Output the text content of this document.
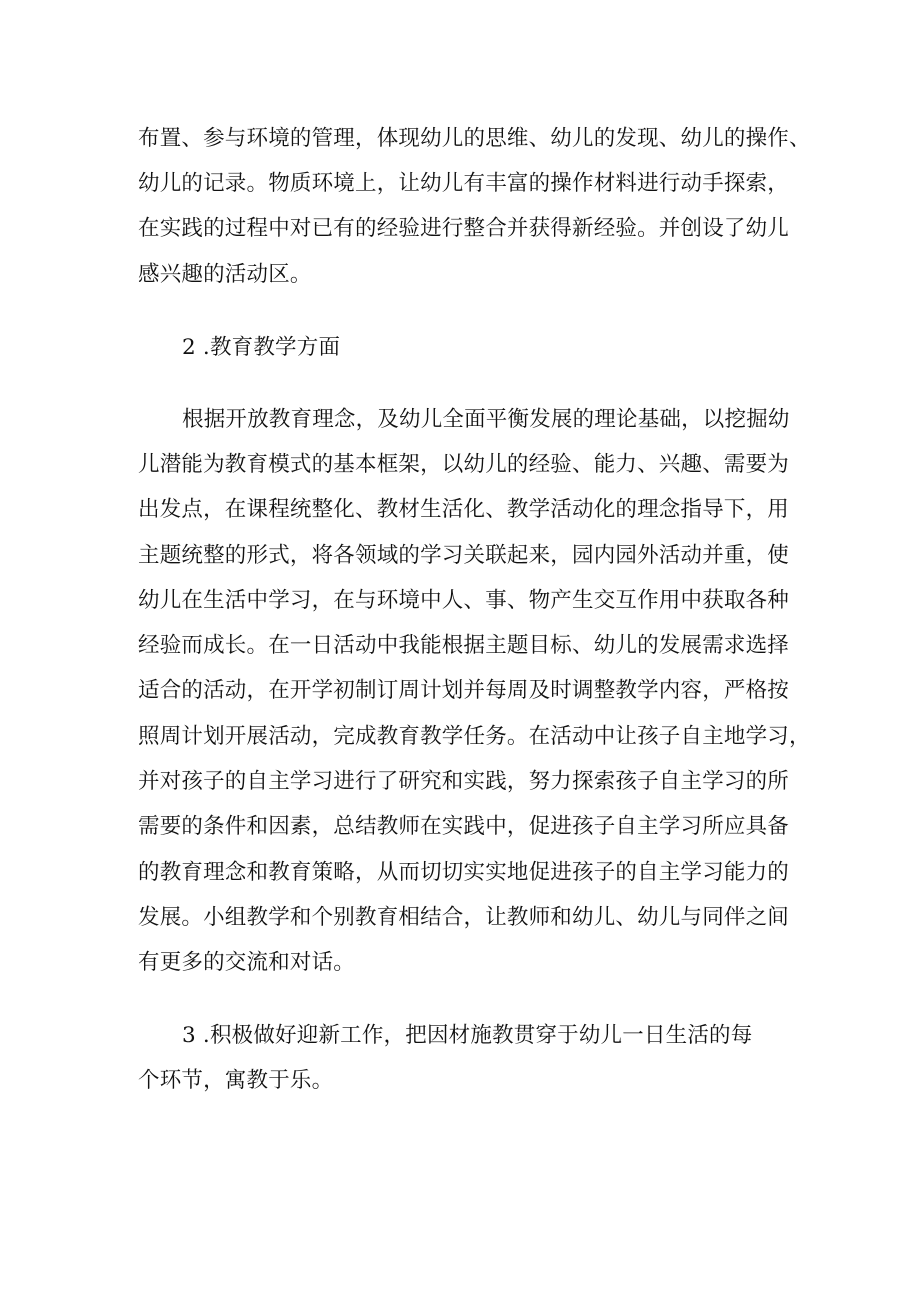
布置、参与环境的管理，体现幼儿的思维、幼儿的发现、幼儿的操作、
幼儿的记录。物质环境上，让幼儿有丰富的操作材料进行动手探索，
在实践的过程中对已有的经验进行整合并获得新经验。并创设了幼儿
感兴趣的活动区。
2 .教育教学方面
根据开放教育理念，及幼儿全面平衡发展的理论基础，以挖掘幼
儿潜能为教育模式的基本框架，以幼儿的经验、能力、兴趣、需要为
出发点，在课程统整化、教材生活化、教学活动化的理念指导下，用
主题统整的形式，将各领域的学习关联起来，园内园外活动并重，使
幼儿在生活中学习，在与环境中人、事、物产生交互作用中获取各种
经验而成长。在一日活动中我能根据主题目标、幼儿的发展需求选择
适合的活动，在开学初制订周计划并每周及时调整教学内容，严格按
照周计划开展活动，完成教育教学任务。在活动中让孩子自主地学习，
并对孩子的自主学习进行了研究和实践，努力探索孩子自主学习的所
需要的条件和因素，总结教师在实践中，促进孩子自主学习所应具备
的教育理念和教育策略，从而切切实实地促进孩子的自主学习能力的
发展。小组教学和个别教育相结合，让教师和幼儿、幼儿与同伴之间
有更多的交流和对话。
3 .积极做好迎新工作，把因材施教贯穿于幼儿一日生活的每
个环节，寓教于乐。
